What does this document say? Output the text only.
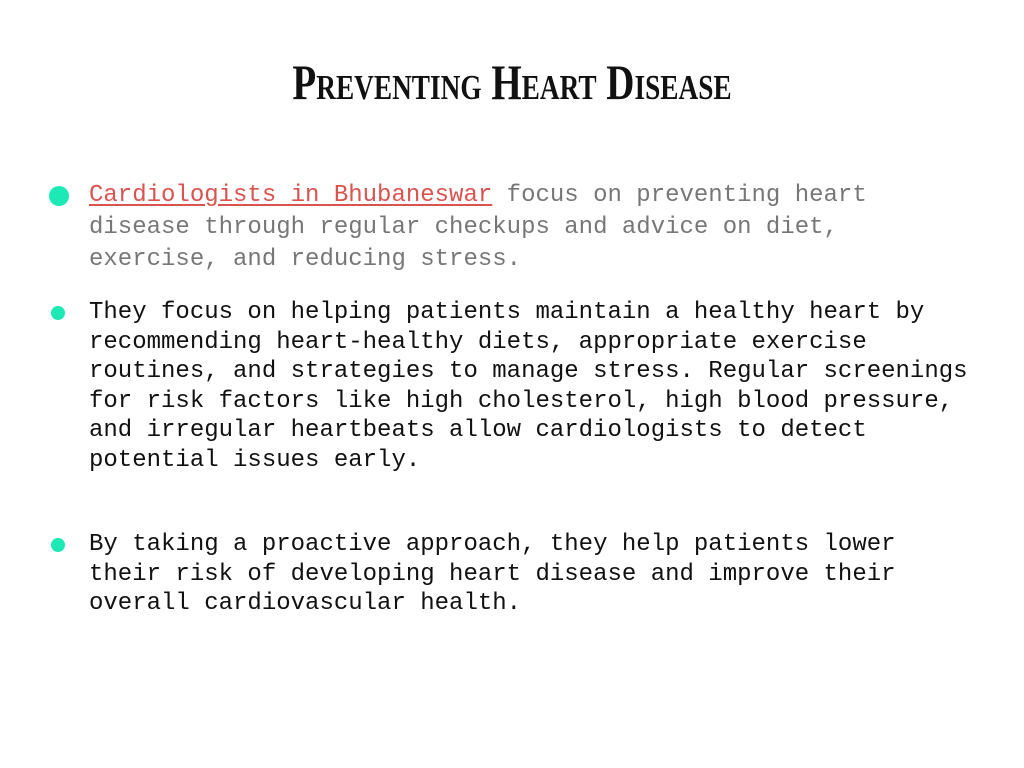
Preventing Heart Disease
Cardiologists in Bhubaneswar focus on preventing heart disease through regular checkups and advice on diet, exercise, and reducing stress.
They focus on helping patients maintain a healthy heart by recommending heart-healthy diets, appropriate exercise routines, and strategies to manage stress. Regular screenings for risk factors like high cholesterol, high blood pressure, and irregular heartbeats allow cardiologists to detect potential issues early.
By taking a proactive approach, they help patients lower their risk of developing heart disease and improve their overall cardiovascular health.
